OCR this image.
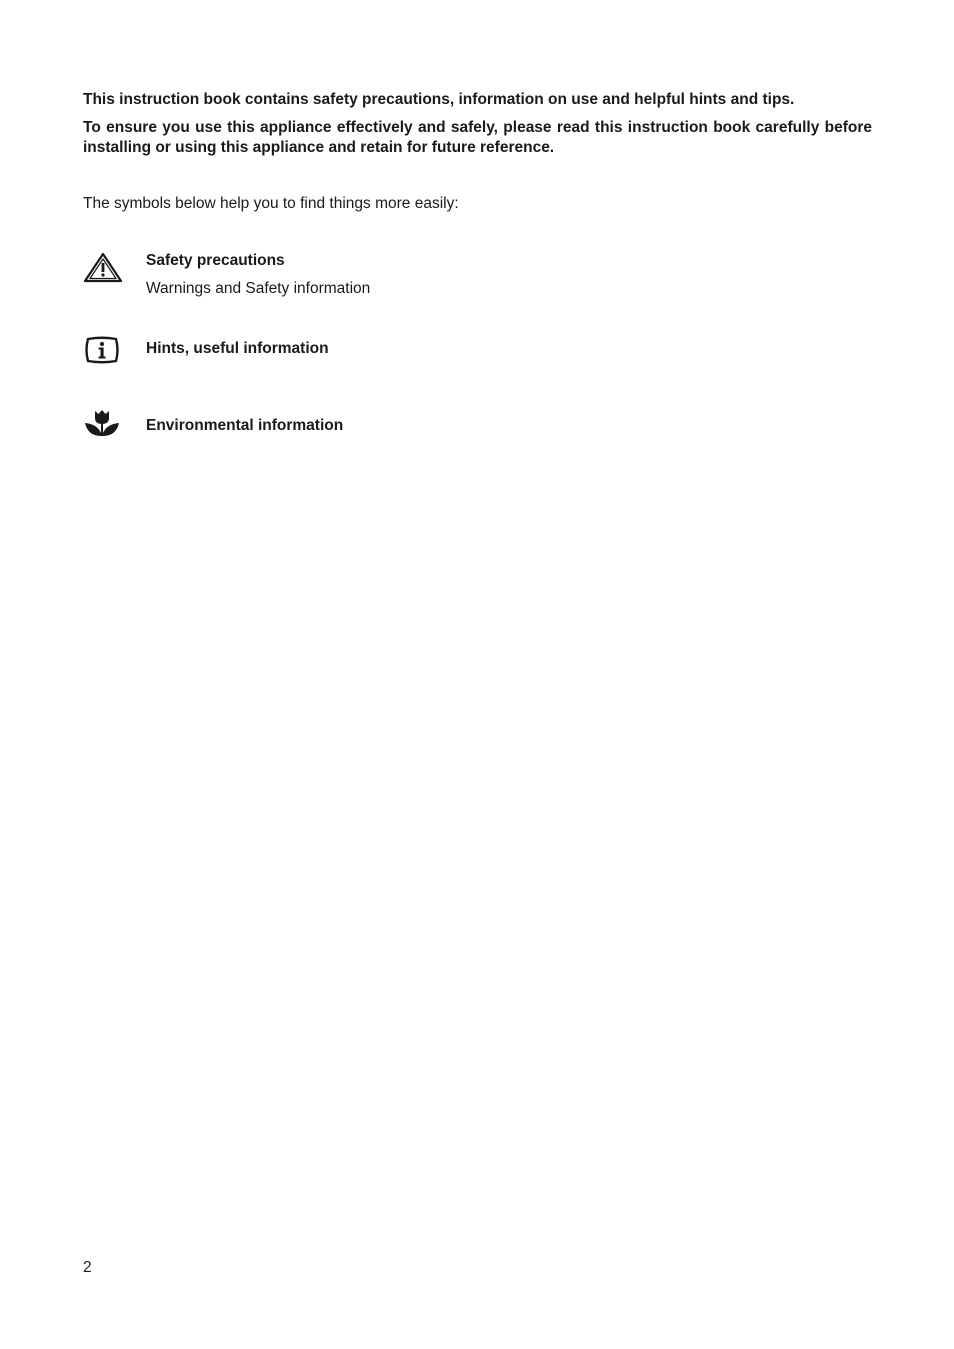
This instruction book contains safety precautions, information on use and helpful hints and tips.

To ensure you use this appliance effectively and safely, please read this instruction book carefully before installing or using this appliance and retain for future reference.

The symbols below help you to find things more easily:

Safety precautions
Warnings and Safety information
Hints, useful information
Environmental information
2
